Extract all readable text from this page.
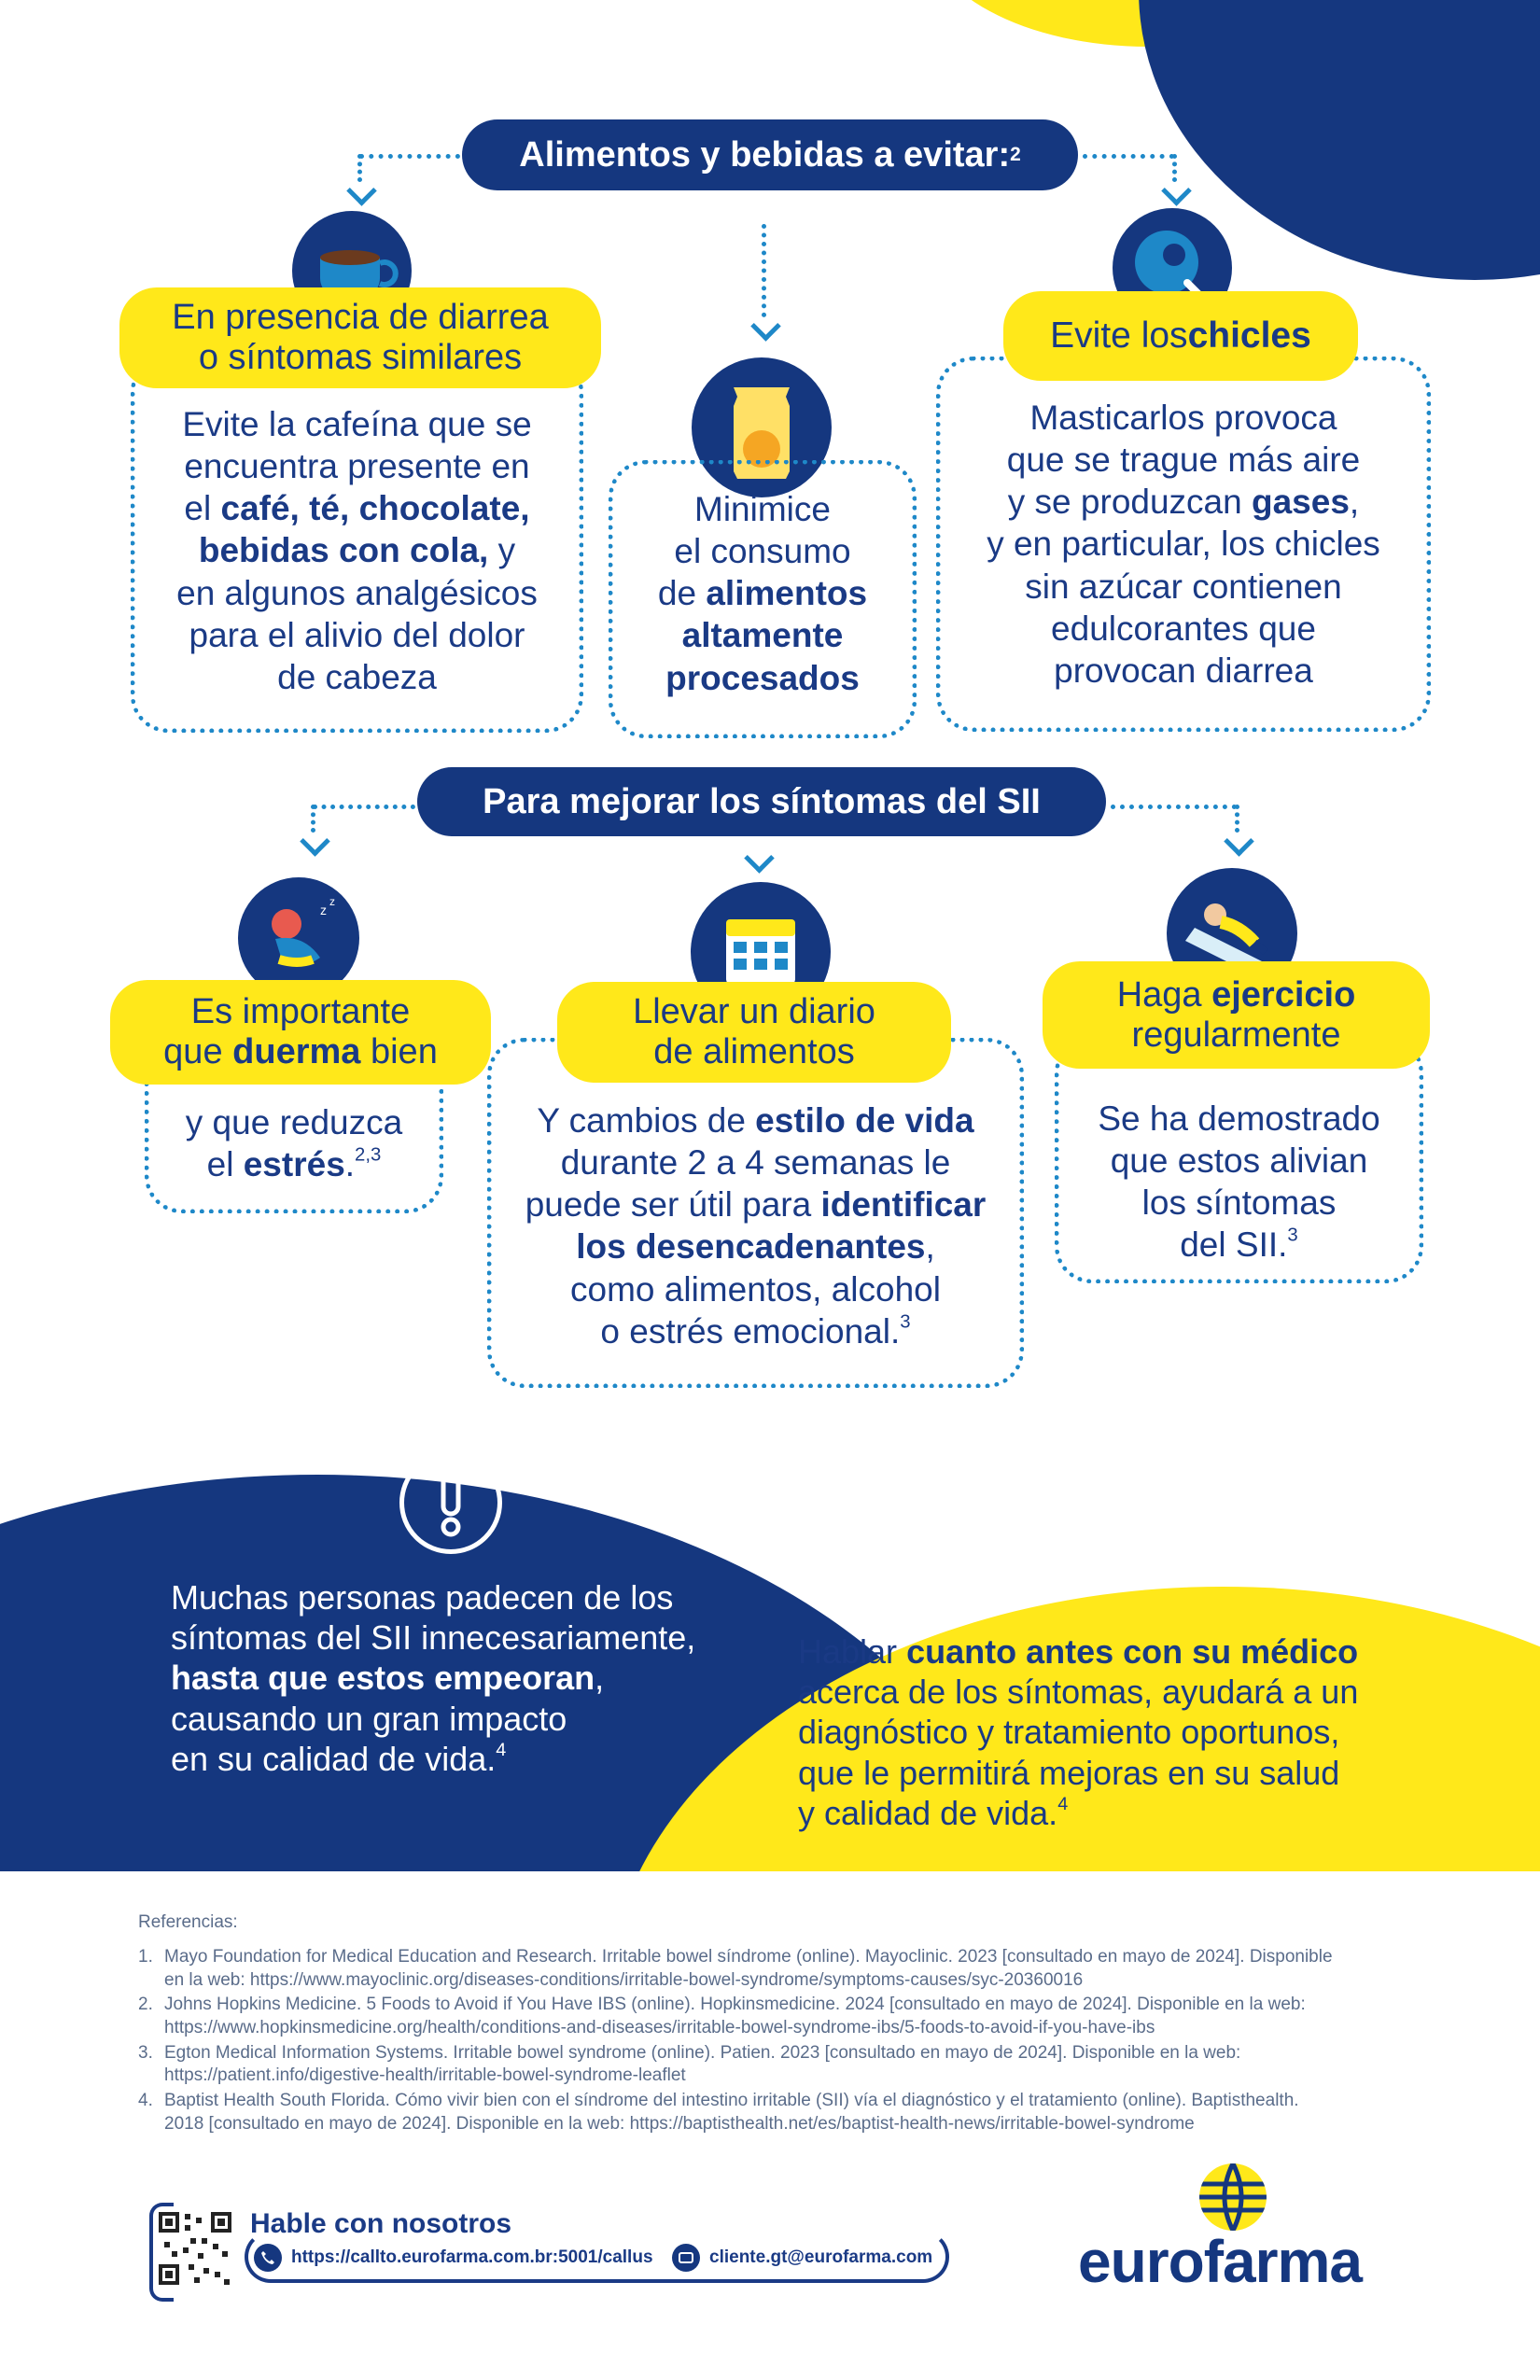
Alimentos y bebidas a evitar: 2
En presencia de diarrea
o síntomas similares
Evite la cafeína que se
encuentra presente en
el café, té, chocolate,
bebidas con cola, y
en algunos analgésicos
para el alivio del dolor
de cabeza
Minimice
el consumo
de alimentos
altamente
procesados
Evite los chicles
Masticarlos provoca
que se trague más aire
y se produzcan gases,
y en particular, los chicles
sin azúcar contienen
edulcorantes que
provocan diarrea
Para mejorar los síntomas del SII
z
z
Es importante
que duerma bien
y que reduzca
el estrés.$^{2,3}$
Llevar un diario
de alimentos
Y cambios de estilo de vida
durante 2 a 4 semanas le
puede ser útil para identificar
los desencadenantes,
como alimentos, alcohol
o estrés emocional.$^3$
Haga ejercicio
regularmente
Se ha demostrado
que estos alivian
los síntomas
del SII.$^3$
Muchas personas padecen de los
síntomas del SII innecesariamente,
hasta que estos empeoran,
causando un gran impacto
en su calidad de vida.$^4$
Hablar cuanto antes con su médico
acerca de los síntomas, ayudará a un
diagnóstico y tratamiento oportunos,
que le permitirá mejoras en su salud
y calidad de vida.$^4$
Referencias:
1. Mayo Foundation for Medical Education and Research. Irritable bowel síndrome (online). Mayoclinic. 2023 [consultado en mayo de 2024]. Disponible
en la web: https://www.mayoclinic.org/diseases-conditions/irritable-bowel-syndrome/symptoms-causes/syc-20360016
2. Johns Hopkins Medicine. 5 Foods to Avoid if You Have IBS (online). Hopkinsmedicine. 2024 [consultado en mayo de 2024]. Disponible en la web:
https://www.hopkinsmedicine.org/health/conditions-and-diseases/irritable-bowel-syndrome-ibs/5-foods-to-avoid-if-you-have-ibs
3. Egton Medical Information Systems. Irritable bowel syndrome (online). Patien. 2023 [consultado en mayo de 2024]. Disponible en la web:
https://patient.info/digestive-health/irritable-bowel-syndrome-leaflet
4. Baptist Health South Florida. Cómo vivir bien con el síndrome del intestino irritable (SII) vía el diagnóstico y el tratamiento (online). Baptisthealth.
2018 [consultado en mayo de 2024]. Disponible en la web: https://baptisthealth.net/es/baptist-health-news/irritable-bowel-syndrome
Hable con nosotros
https://callto.eurofarma.com.br:5001/callus	cliente.gt@eurofarma.com eurofarma
